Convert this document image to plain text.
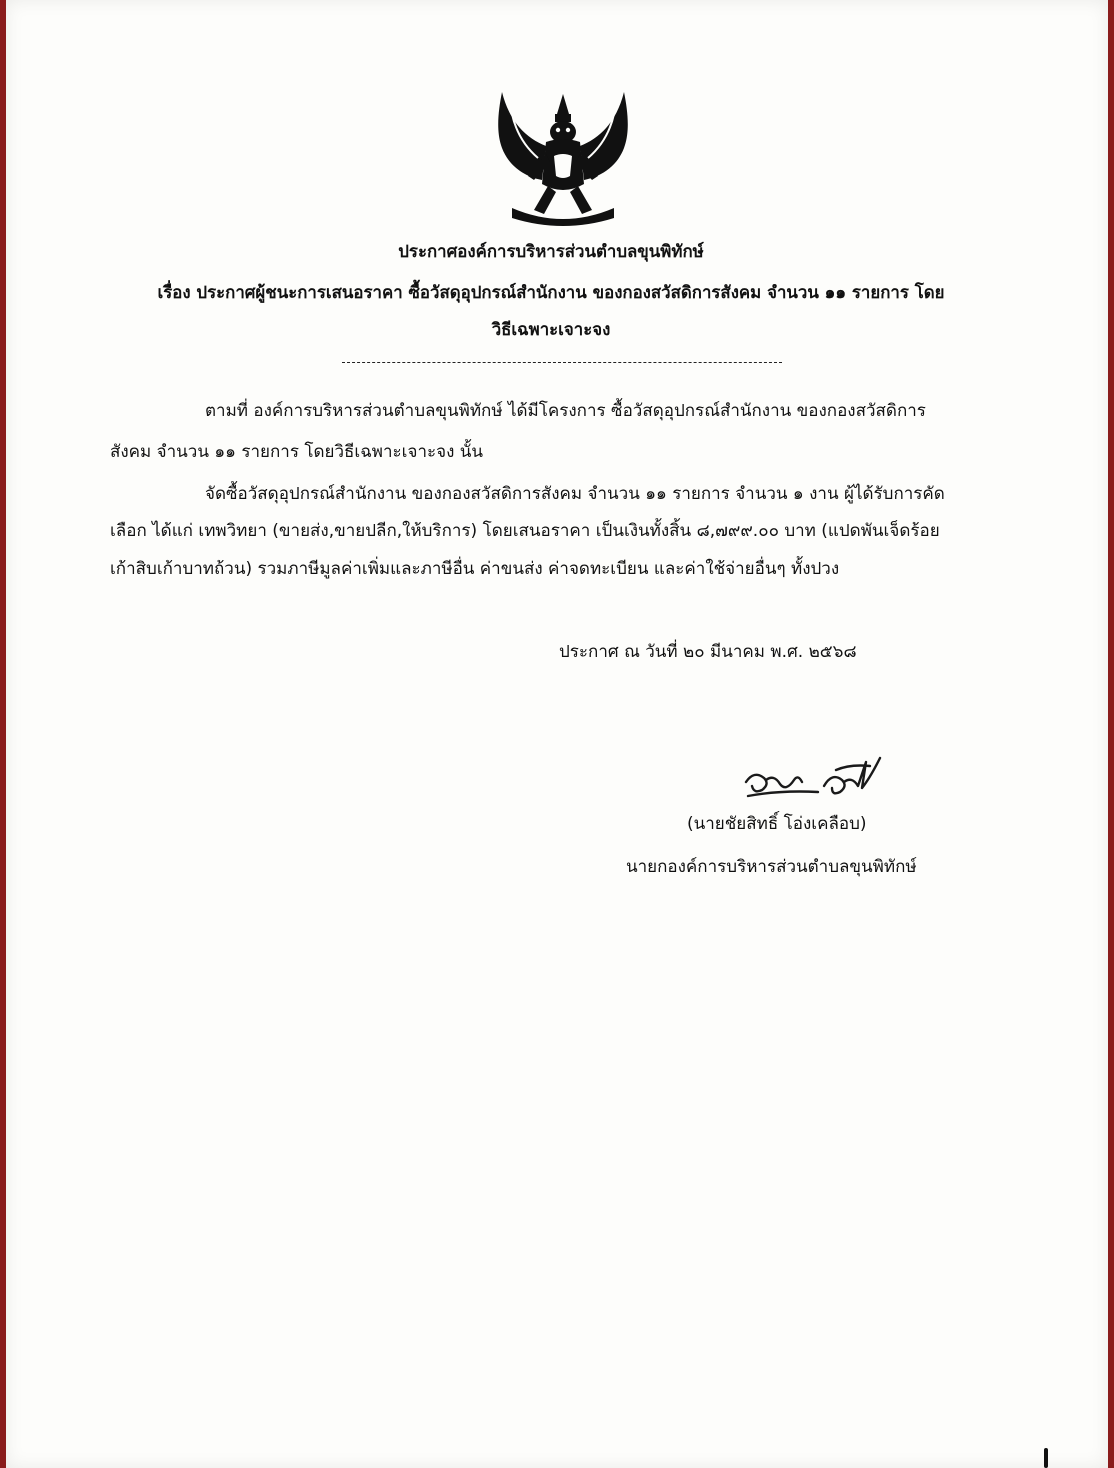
ประกาศองค์การบริหารส่วนตำบลขุนพิทักษ์
เรื่อง ประกาศผู้ชนะการเสนอราคา ซื้อวัสดุอุปกรณ์สำนักงาน ของกองสวัสดิการสังคม จำนวน ๑๑ รายการ โดย
วิธีเฉพาะเจาะจง
ตามที่ องค์การบริหารส่วนตำบลขุนพิทักษ์ ได้มีโครงการ ซื้อวัสดุอุปกรณ์สำนักงาน ของกองสวัสดิการ
สังคม จำนวน ๑๑ รายการ โดยวิธีเฉพาะเจาะจง นั้น
จัดซื้อวัสดุอุปกรณ์สำนักงาน ของกองสวัสดิการสังคม จำนวน ๑๑ รายการ จำนวน ๑ งาน ผู้ได้รับการคัด
เลือก ได้แก่ เทพวิทยา (ขายส่ง,ขายปลีก,ให้บริการ) โดยเสนอราคา เป็นเงินทั้งสิ้น ๘,๗๙๙.๐๐ บาท (แปดพันเจ็ดร้อย
เก้าสิบเก้าบาทถ้วน) รวมภาษีมูลค่าเพิ่มและภาษีอื่น ค่าขนส่ง ค่าจดทะเบียน และค่าใช้จ่ายอื่นๆ ทั้งปวง
ประกาศ ณ วันที่ ๒๐ มีนาคม พ.ศ. ๒๕๖๘
(นายชัยสิทธิ์ โอ่งเคลือบ)
นายกองค์การบริหารส่วนตำบลขุนพิทักษ์
